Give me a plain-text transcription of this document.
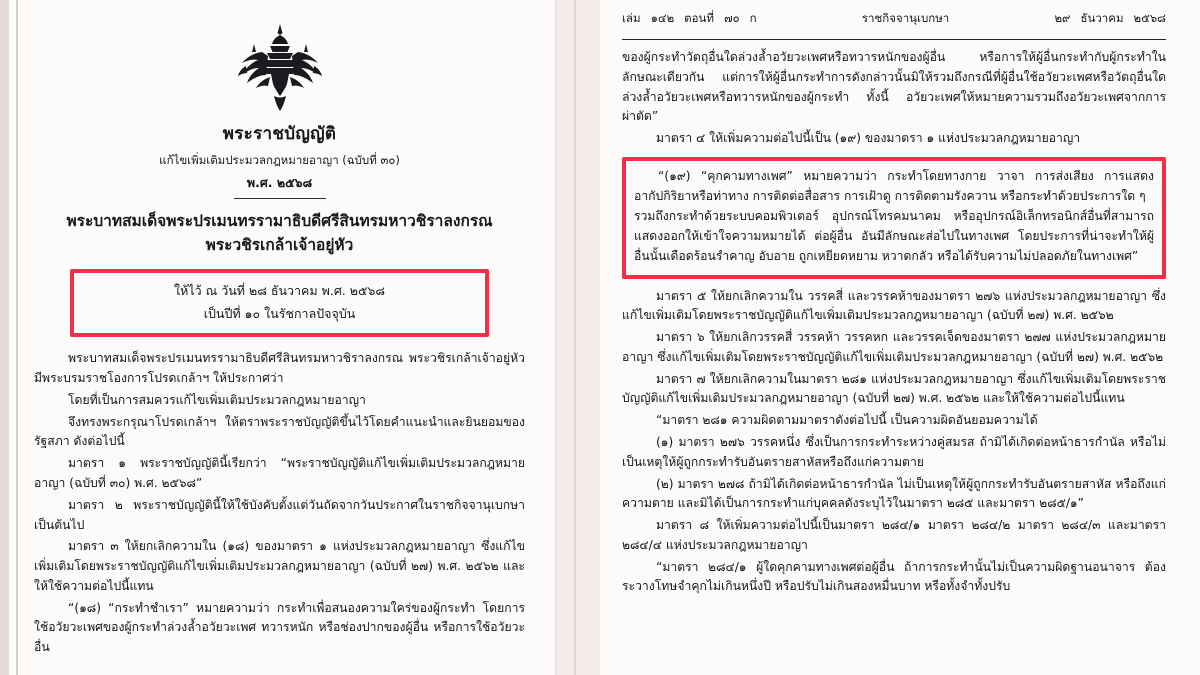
พระราชบัญญัติ
แก้ไขเพิ่มเติมประมวลกฎหมายอาญา (ฉบับที่ ๓๐)
พ.ศ. ๒๕๖๘
พระบาทสมเด็จพระปรเมนทรรามาธิบดีศรีสินทรมหาวชิราลงกรณ
พระวชิรเกล้าเจ้าอยู่หัว
ให้ไว้ ณ วันที่ ๒๘ ธันวาคม พ.ศ. ๒๕๖๘
เป็นปีที่ ๑๐ ในรัชกาลปัจจุบัน

พระบาทสมเด็จพระปรเมนทรรามาธิบดีศรีสินทรมหาวชิราลงกรณ พระวชิรเกล้าเจ้าอยู่หัว มีพระบรมราชโองการโปรดเกล้าฯ ให้ประกาศว่า

โดยที่เป็นการสมควรแก้ไขเพิ่มเติมประมวลกฎหมายอาญา

จึงทรงพระกรุณาโปรดเกล้าฯ ให้ตราพระราชบัญญัติขึ้นไว้โดยคำแนะนำและยินยอมของรัฐสภา ดังต่อไปนี้

มาตรา ๑ พระราชบัญญัตินี้เรียกว่า “พระราชบัญญัติแก้ไขเพิ่มเติมประมวลกฎหมายอาญา (ฉบับที่ ๓๐) พ.ศ. ๒๕๖๘”

มาตรา ๒ พระราชบัญญัตินี้ให้ใช้บังคับตั้งแต่วันถัดจากวันประกาศในราชกิจจานุเบกษาเป็นต้นไป

มาตรา ๓ ให้ยกเลิกความใน (๑๘) ของมาตรา ๑ แห่งประมวลกฎหมายอาญา ซึ่งแก้ไขเพิ่มเติมโดยพระราชบัญญัติแก้ไขเพิ่มเติมประมวลกฎหมายอาญา (ฉบับที่ ๒๗) พ.ศ. ๒๕๖๒ และให้ใช้ความต่อไปนี้แทน

“(๑๘) “กระทำชำเรา” หมายความว่า กระทำเพื่อสนองความใคร่ของผู้กระทำ โดยการใช้อวัยวะเพศของผู้กระทำล่วงล้ำอวัยวะเพศ ทวารหนัก หรือช่องปากของผู้อื่น หรือการใช้อวัยวะอื่น

เล่ม ๑๔๒ ตอนที่ ๗๐ ก	ราชกิจจานุเบกษา	๒๙ ธันวาคม ๒๕๖๘

ของผู้กระทำวัตถุอื่นใดล่วงล้ำอวัยวะเพศหรือทวารหนักของผู้อื่น หรือการให้ผู้อื่นกระทำกับผู้กระทำในลักษณะเดียวกัน แต่การให้ผู้อื่นกระทำการดังกล่าวนั้นมิให้รวมถึงกรณีที่ผู้อื่นใช้อวัยวะเพศหรือวัตถุอื่นใดล่วงล้ำอวัยวะเพศหรือทวารหนักของผู้กระทำ ทั้งนี้ อวัยวะเพศให้หมายความรวมถึงอวัยวะเพศจากการผ่าตัด”

มาตรา ๔ ให้เพิ่มความต่อไปนี้เป็น (๑๙) ของมาตรา ๑ แห่งประมวลกฎหมายอาญา

“(๑๙) “คุกคามทางเพศ” หมายความว่า กระทำโดยทางกาย วาจา การส่งเสียง การแสดงอากัปกิริยาหรือท่าทาง การติดต่อสื่อสาร การเฝ้าดู การติดตามรังควาน หรือกระทำด้วยประการใด ๆ

รวมถึงกระทำด้วยระบบคอมพิวเตอร์ อุปกรณ์โทรคมนาคม หรืออุปกรณ์อิเล็กทรอนิกส์อื่นที่สามารถแสดงออกให้เข้าใจความหมายได้ ต่อผู้อื่น อันมีลักษณะส่อไปในทางเพศ โดยประการที่น่าจะทำให้ผู้อื่นนั้นเดือดร้อนรำคาญ อับอาย ถูกเหยียดหยาม หวาดกลัว หรือได้รับความไม่ปลอดภัยในทางเพศ”

มาตรา ๕ ให้ยกเลิกความใน วรรคสี่ และวรรคห้าของมาตรา ๒๗๖ แห่งประมวลกฎหมายอาญา ซึ่งแก้ไขเพิ่มเติมโดยพระราชบัญญัติแก้ไขเพิ่มเติมประมวลกฎหมายอาญา (ฉบับที่ ๒๗) พ.ศ. ๒๕๖๒

มาตรา ๖ ให้ยกเลิกวรรคสี่ วรรคห้า วรรคหก และวรรคเจ็ดของมาตรา ๒๗๗ แห่งประมวลกฎหมายอาญา ซึ่งแก้ไขเพิ่มเติมโดยพระราชบัญญัติแก้ไขเพิ่มเติมประมวลกฎหมายอาญา (ฉบับที่ ๒๗) พ.ศ. ๒๕๖๒

มาตรา ๗ ให้ยกเลิกความในมาตรา ๒๘๑ แห่งประมวลกฎหมายอาญา ซึ่งแก้ไขเพิ่มเติมโดยพระราชบัญญัติแก้ไขเพิ่มเติมประมวลกฎหมายอาญา (ฉบับที่ ๒๗) พ.ศ. ๒๕๖๒ และให้ใช้ความต่อไปนี้แทน

“มาตรา ๒๘๑ ความผิดตามมาตราดังต่อไปนี้ เป็นความผิดอันยอมความได้

(๑) มาตรา ๒๗๖ วรรคหนึ่ง ซึ่งเป็นการกระทำระหว่างคู่สมรส ถ้ามิได้เกิดต่อหน้าธารกำนัล หรือไม่เป็นเหตุให้ผู้ถูกกระทำรับอันตรายสาหัสหรือถึงแก่ความตาย

(๒) มาตรา ๒๗๘ ถ้ามิได้เกิดต่อหน้าธารกำนัล ไม่เป็นเหตุให้ผู้ถูกกระทำรับอันตรายสาหัส หรือถึงแก่ความตาย และมิได้เป็นการกระทำแก่บุคคลดังระบุไว้ในมาตรา ๒๘๕ และมาตรา ๒๘๕/๑”

มาตรา ๘ ให้เพิ่มความต่อไปนี้เป็นมาตรา ๒๘๔/๑ มาตรา ๒๘๔/๒ มาตรา ๒๘๔/๓ และมาตรา ๒๘๔/๔ แห่งประมวลกฎหมายอาญา

“มาตรา ๒๘๔/๑ ผู้ใดคุกคามทางเพศต่อผู้อื่น ถ้าการกระทำนั้นไม่เป็นความผิดฐานอนาจาร ต้องระวางโทษจำคุกไม่เกินหนึ่งปี หรือปรับไม่เกินสองหมื่นบาท หรือทั้งจำทั้งปรับ
